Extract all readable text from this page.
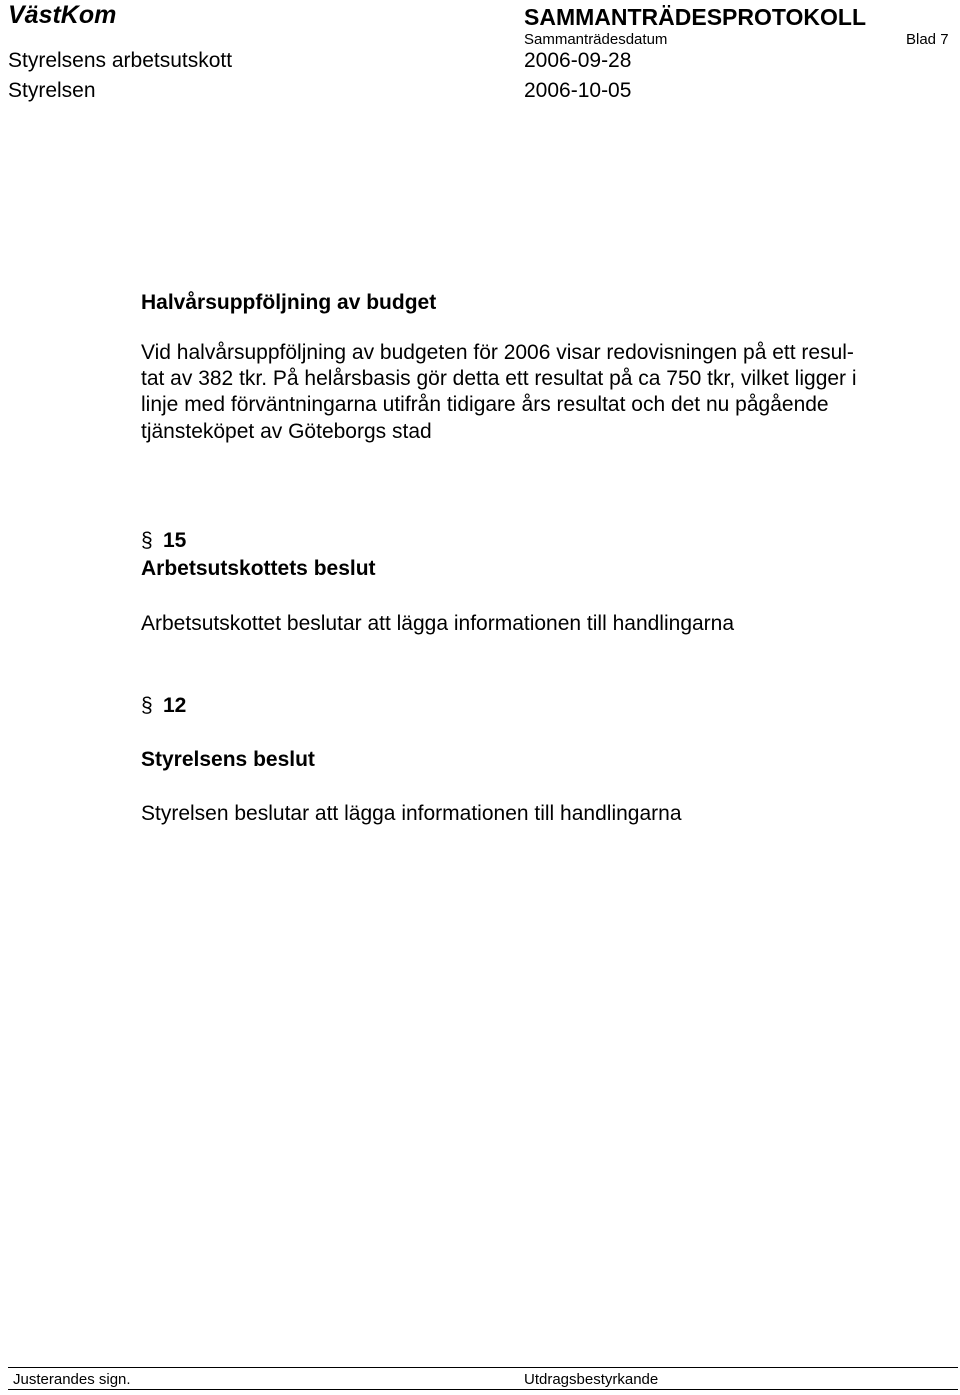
VästKom	SAMMANTRÄDESPROTOKOLL
Sammanträdesdatum	Blad 7
Styrelsens arbetsutskott	2006-09-28
Styrelsen	2006-10-05
Halvårsuppföljning av budget
Vid halvårsuppföljning av budgeten för 2006 visar redovisningen på ett resul-
tat av 382 tkr. På helårsbasis gör detta ett resultat på ca 750 tkr, vilket ligger i
linje med förväntningarna utifrån tidigare års resultat och det nu pågående
tjänsteköpet av Göteborgs stad
§ 15
Arbetsutskottets beslut
Arbetsutskottet beslutar att lägga informationen till handlingarna
§ 12
Styrelsens beslut
Styrelsen beslutar att lägga informationen till handlingarna
Justerandes sign.	Utdragsbestyrkande
